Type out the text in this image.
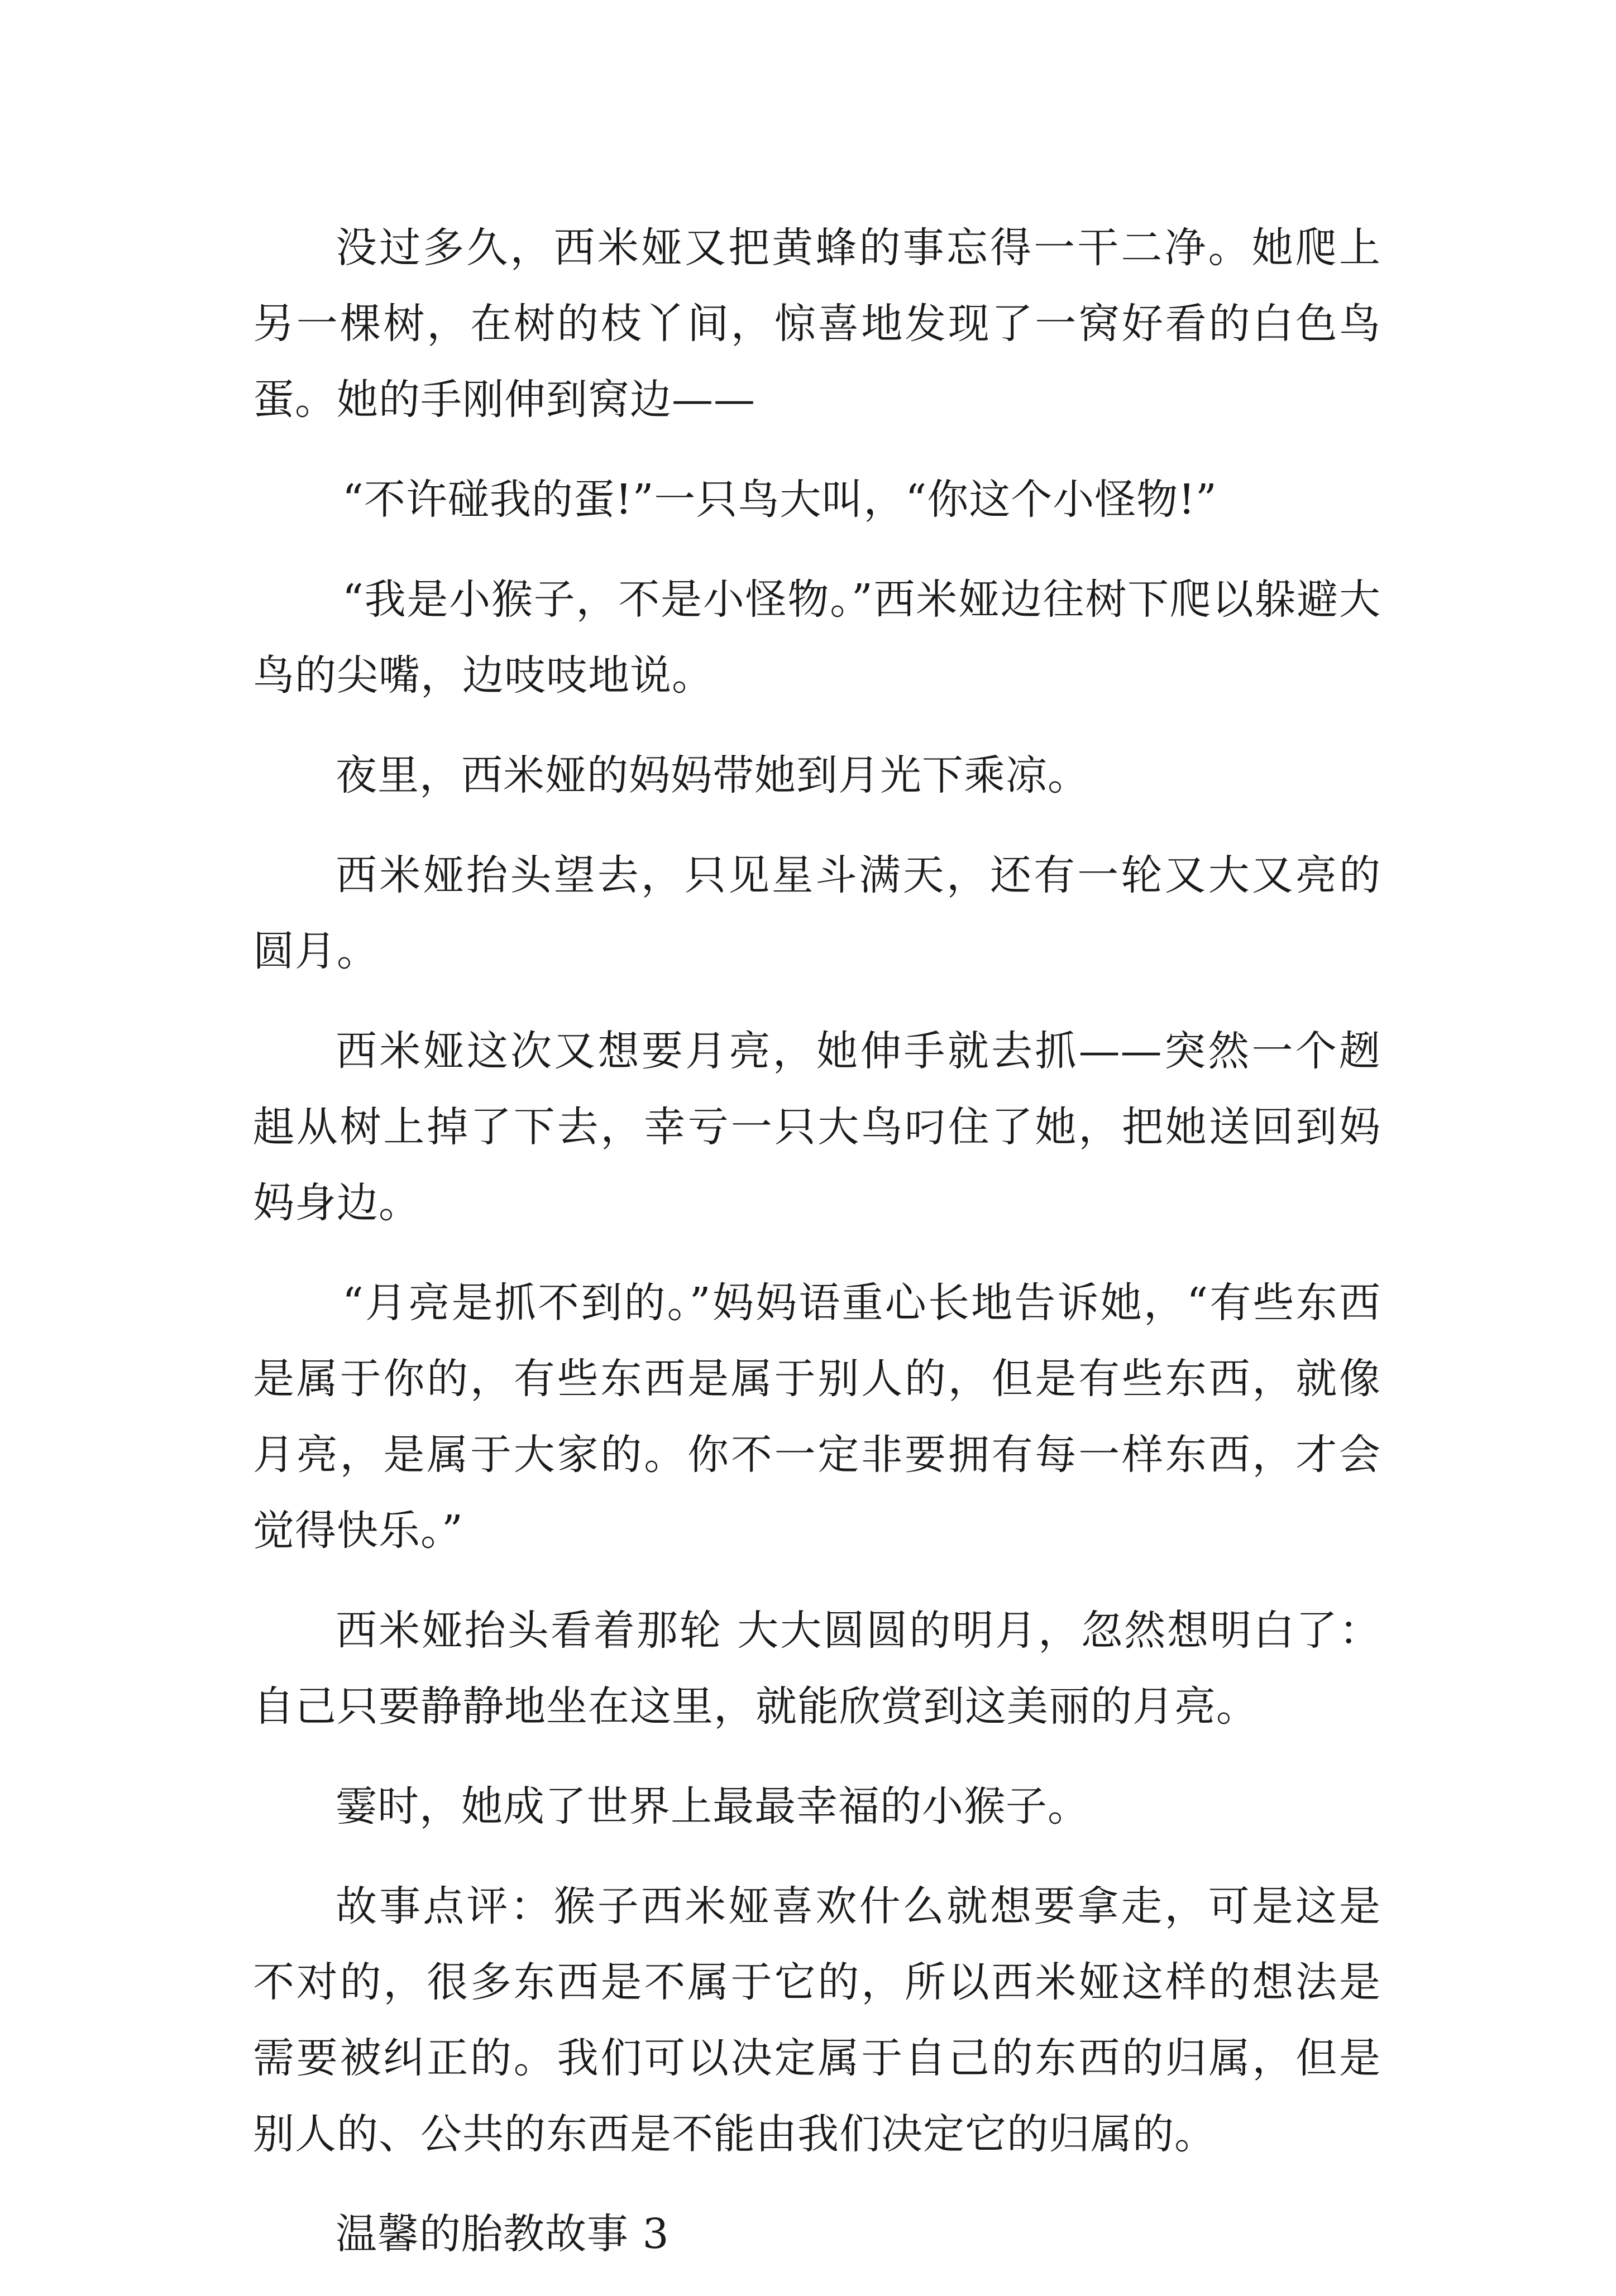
没过多久，西米娅又把黄蜂的事忘得一干二净。她爬上另一棵树，在树的枝丫间，惊喜地发现了一窝好看的白色鸟蛋。她的手刚伸到窝边——

“不许碰我的蛋!”一只鸟大叫，“你这个小怪物!”

“我是小猴子，不是小怪物。”西米娅边往树下爬以躲避大鸟的尖嘴，边吱吱地说。

夜里，西米娅的妈妈带她到月光下乘凉。

西米娅抬头望去，只见星斗满天，还有一轮又大又亮的圆月。

西米娅这次又想要月亮，她伸手就去抓——突然一个趔趄从树上掉了下去，幸亏一只大鸟叼住了她，把她送回到妈妈身边。

“月亮是抓不到的。”妈妈语重心长地告诉她，“有些东西是属于你的，有些东西是属于别人的，但是有些东西，就像月亮，是属于大家的。你不一定非要拥有每一样东西，才会觉得快乐。”

西米娅抬头看着那轮 大大圆圆的明月，忽然想明白了：自己只要静静地坐在这里，就能欣赏到这美丽的月亮。

霎时，她成了世界上最最幸福的小猴子。

故事点评：猴子西米娅喜欢什么就想要拿走，可是这是不对的，很多东西是不属于它的，所以西米娅这样的想法是需要被纠正的。我们可以决定属于自己的东西的归属，但是别人的、公共的东西是不能由我们决定它的归属的。

温馨的胎教故事 3
